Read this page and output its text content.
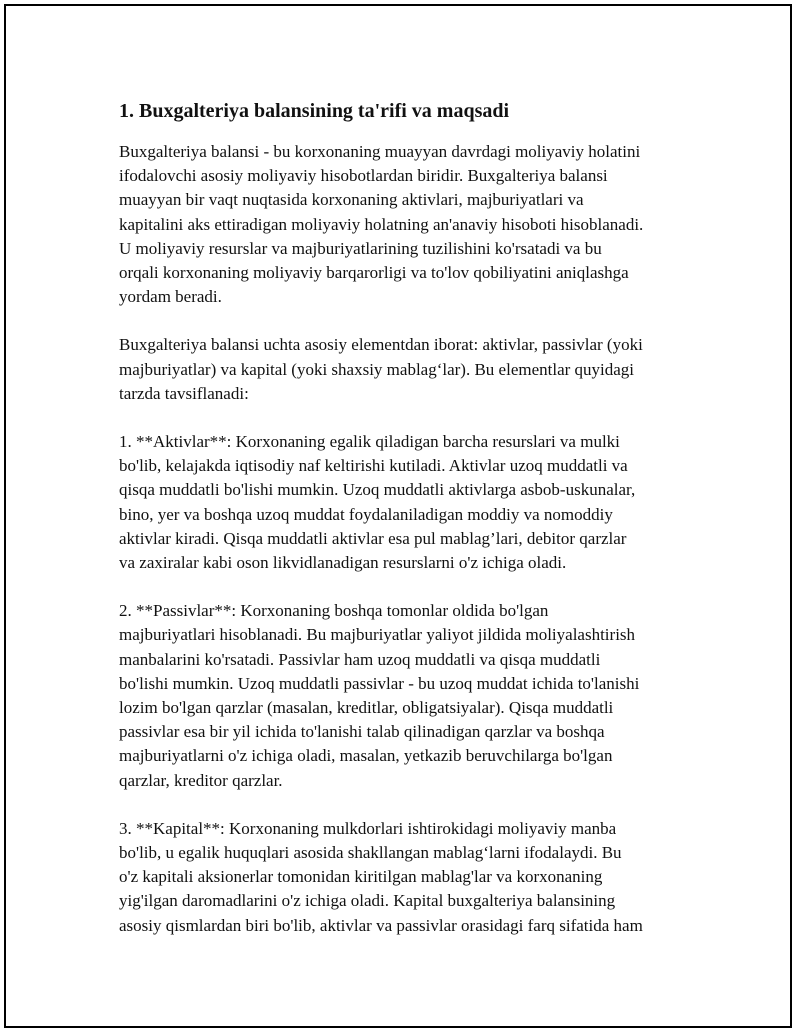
1. Buxgalteriya balansining ta'rifi va maqsadi

Buxgalteriya balansi - bu korxonaning muayyan davrdagi moliyaviy holatini
ifodalovchi asosiy moliyaviy hisobotlardan biridir. Buxgalteriya balansi
muayyan bir vaqt nuqtasida korxonaning aktivlari, majburiyatlari va
kapitalini aks ettiradigan moliyaviy holatning an'anaviy hisoboti hisoblanadi.
U moliyaviy resurslar va majburiyatlarining tuzilishini ko'rsatadi va bu
orqali korxonaning moliyaviy barqarorligi va to'lov qobiliyatini aniqlashga
yordam beradi.

Buxgalteriya balansi uchta asosiy elementdan iborat: aktivlar, passivlar (yoki
majburiyatlar) va kapital (yoki shaxsiy mablag‘lar). Bu elementlar quyidagi
tarzda tavsiflanadi:

1. **Aktivlar**: Korxonaning egalik qiladigan barcha resurslari va mulki
bo'lib, kelajakda iqtisodiy naf keltirishi kutiladi. Aktivlar uzoq muddatli va
qisqa muddatli bo'lishi mumkin. Uzoq muddatli aktivlarga asbob-uskunalar,
bino, yer va boshqa uzoq muddat foydalaniladigan moddiy va nomoddiy
aktivlar kiradi. Qisqa muddatli aktivlar esa pul mablag’lari, debitor qarzlar
va zaxiralar kabi oson likvidlanadigan resurslarni o'z ichiga oladi.

2. **Passivlar**: Korxonaning boshqa tomonlar oldida bo'lgan
majburiyatlari hisoblanadi. Bu majburiyatlar yaliyot jildida moliyalashtirish
manbalarini ko'rsatadi. Passivlar ham uzoq muddatli va qisqa muddatli
bo'lishi mumkin. Uzoq muddatli passivlar - bu uzoq muddat ichida to'lanishi
lozim bo'lgan qarzlar (masalan, kreditlar, obligatsiyalar). Qisqa muddatli
passivlar esa bir yil ichida to'lanishi talab qilinadigan qarzlar va boshqa
majburiyatlarni o'z ichiga oladi, masalan, yetkazib beruvchilarga bo'lgan
qarzlar, kreditor qarzlar.

3. **Kapital**: Korxonaning mulkdorlari ishtirokidagi moliyaviy manba
bo'lib, u egalik huquqlari asosida shakllangan mablag‘larni ifodalaydi. Bu
o'z kapitali aksionerlar tomonidan kiritilgan mablag'lar va korxonaning
yig'ilgan daromadlarini o'z ichiga oladi. Kapital buxgalteriya balansining
asosiy qismlardan biri bo'lib, aktivlar va passivlar orasidagi farq sifatida ham
